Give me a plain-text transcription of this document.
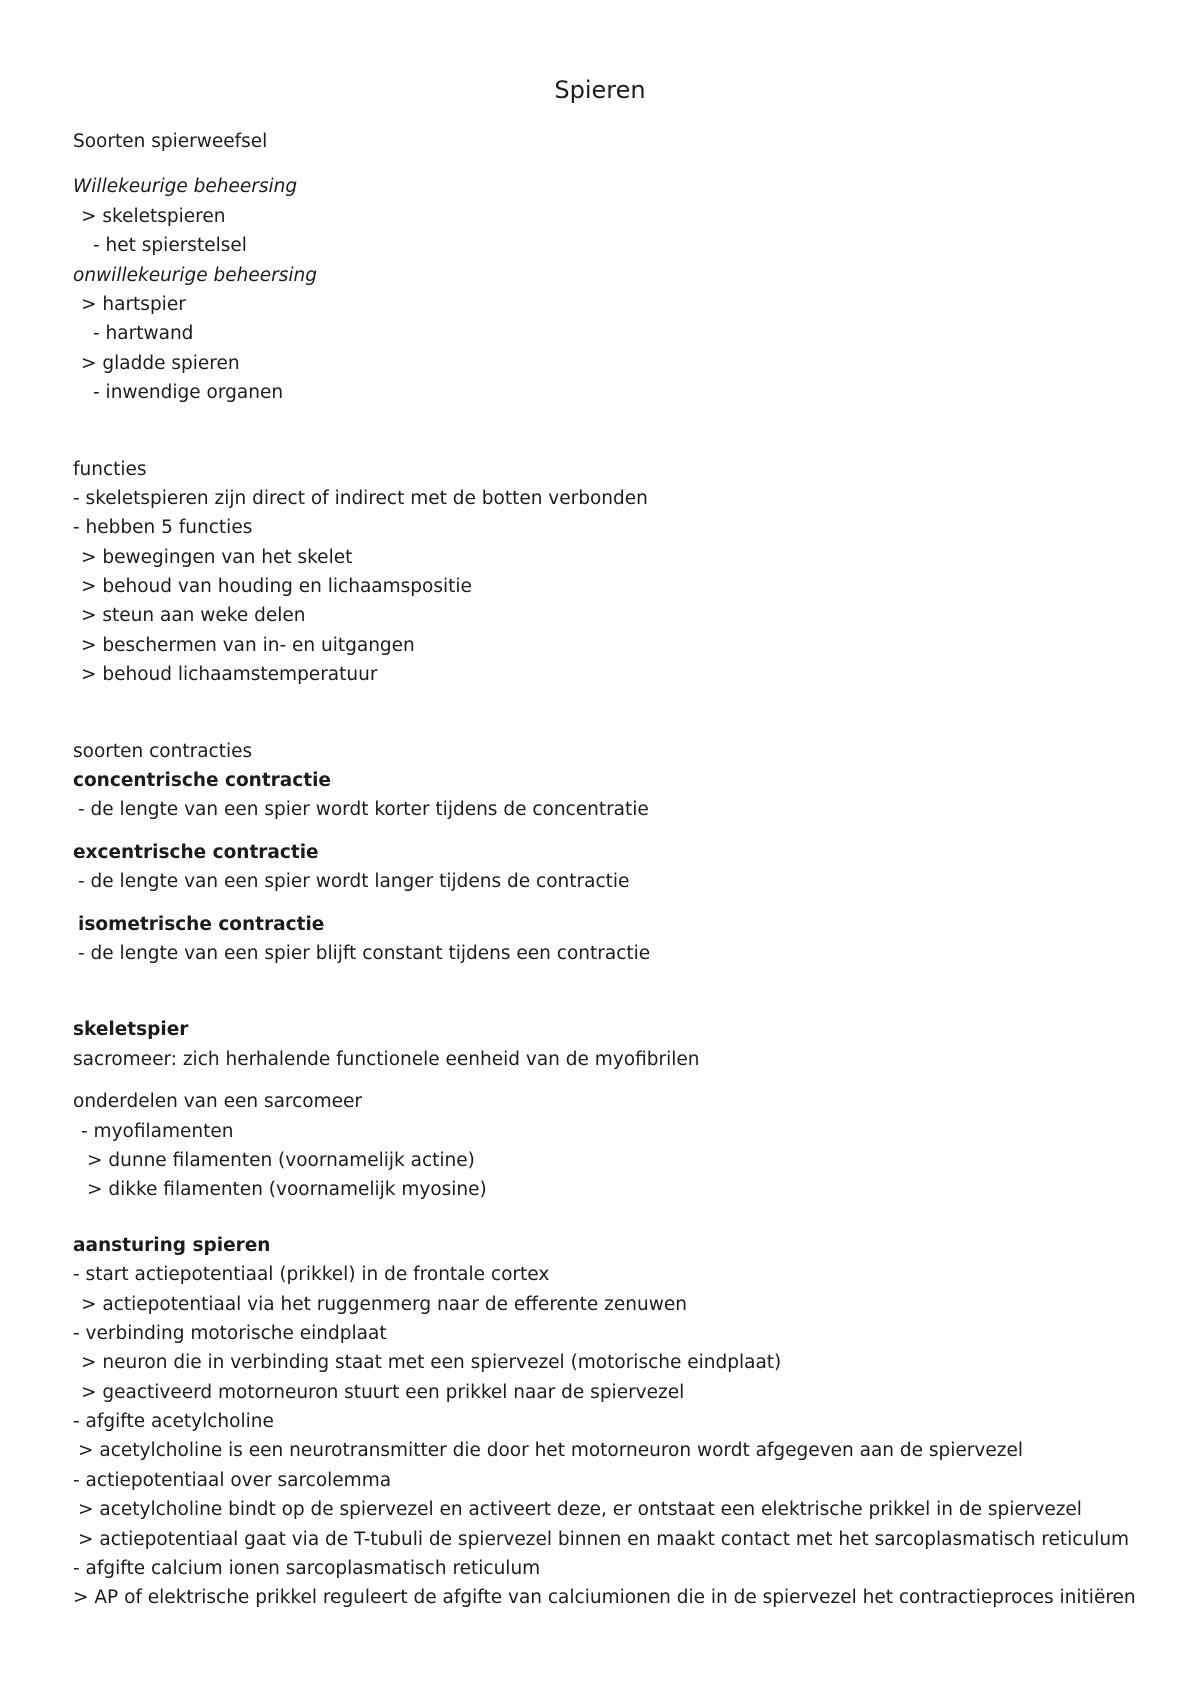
Spieren
Soorten spierweefsel
Willekeurige beheersing
> skeletspieren
- het spierstelsel
onwillekeurige beheersing
> hartspier
- hartwand
> gladde spieren
- inwendige organen
functies
- skeletspieren zijn direct of indirect met de botten verbonden
- hebben 5 functies
> bewegingen van het skelet
> behoud van houding en lichaamspositie
> steun aan weke delen
> beschermen van in- en uitgangen
> behoud lichaamstemperatuur
soorten contracties
concentrische contractie
- de lengte van een spier wordt korter tijdens de concentratie
excentrische contractie
- de lengte van een spier wordt langer tijdens de contractie
isometrische contractie
- de lengte van een spier blijft constant tijdens een contractie
skeletspier
sacromeer: zich herhalende functionele eenheid van de myofibrilen
onderdelen van een sarcomeer
- myofilamenten
> dunne filamenten (voornamelijk actine)
> dikke filamenten (voornamelijk myosine)
aansturing spieren
- start actiepotentiaal (prikkel) in de frontale cortex
> actiepotentiaal via het ruggenmerg naar de efferente zenuwen
- verbinding motorische eindplaat
> neuron die in verbinding staat met een spiervezel (motorische eindplaat)
> geactiveerd motorneuron stuurt een prikkel naar de spiervezel
- afgifte acetylcholine
> acetylcholine is een neurotransmitter die door het motorneuron wordt afgegeven aan de spiervezel
- actiepotentiaal over sarcolemma
> acetylcholine bindt op de spiervezel en activeert deze, er ontstaat een elektrische prikkel in de spiervezel
> actiepotentiaal gaat via de T-tubuli de spiervezel binnen en maakt contact met het sarcoplasmatisch reticulum
- afgifte calcium ionen sarcoplasmatisch reticulum
> AP of elektrische prikkel reguleert de afgifte van calciumionen die in de spiervezel het contractieproces initiëren
